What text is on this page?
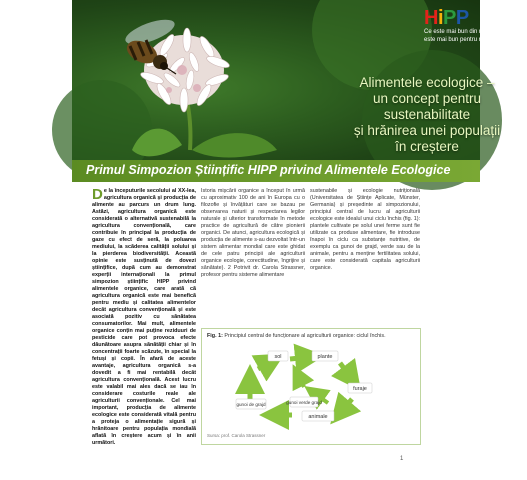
HiPP
Ce este mai bun din natură,
este mai bun pentru natură.
Alimentele ecologice –
un concept pentru
sustenabilitate
și hrănirea unei populații
în creștere
Primul Simpozion Științific HIPP privind Alimentele Ecologice
De la începuturile secolului al XX-lea, agricultura organică și producția de alimente au parcurs un drum lung. Astăzi, agricultura organică este considerată o alternativă sustenabilă la agricultura convențională, care contribuie în principal la producția de gaze cu efect de seră, la poluarea mediului, la scăderea calității solului și la pierderea biodiversității. Această opinie este susținută de dovezi științifice, după cum au demonstrat experții internaționali la primul simpozion științific HIPP privind alimentele organice, care arată că agricultura organică este mai benefică pentru mediu și calitatea alimentelor decât agricultura convențională și este asociată pozitiv cu sănătatea consumatorilor. Mai mult, alimentele organice conțin mai puține reziduuri de pesticide care pot provoca efecte dăunătoare asupra sănătății chiar și în concentrații foarte scăzute, în special la fetuși și copii. În afară de aceste avantaje, agricultura organică s-a dovedit a fi mai rentabilă decât agricultura convențională. Acest lucru este valabil mai ales dacă se iau în considerare costurile reale ale agriculturii convenționale. Cel mai important, producția de alimente ecologice este considerată vitală pentru a proteja o alimentație sigură și hrănitoare pentru populația mondială aflată în creștere acum și în anii următori.
Istoria mișcării organice a început în urmă cu aproximativ 100 de ani în Europa cu o filozofie și învățături care se bazau pe observarea naturii și respectarea legilor naturale și ulterior transformate în metode practice de agricultură de către pionierii organici. De atunci, agricultura ecologică și producția de alimente s-au dezvoltat într-un sistem alimentar mondial care este ghidat de cele patru principii ale agriculturii organice ecologie, corectitudine, îngrijire și sănătate). 2 Potrivit dr. Carola Strassner, profesor pentru sisteme alimentare
sustenabile și ecologie nutrițională (Universitatea de Științe Aplicate, Münster, Germania) și președinte al simpozionului, principiul central de lucru al agriculturii ecologice este idealul unui ciclu închis (fig. 1): plantele cultivate pe solul unei ferme sunt fie utilizate ca produse alimentare, fie introduse înapoi în ciclu ca substanțe nutritive, de exemplu ca gunoi de grajd, verde sau de la animale, pentru a menține fertilitatea solului, care este considerată capitala agriculturii organice.
Fig. 1: Principiul central de funcționare al agriculturii organice: ciclul închis.
sol	plante
furaje
animale
gunoi verde grajd
gunoi de grajd
Sursa: prof. Carola Strassner
1
